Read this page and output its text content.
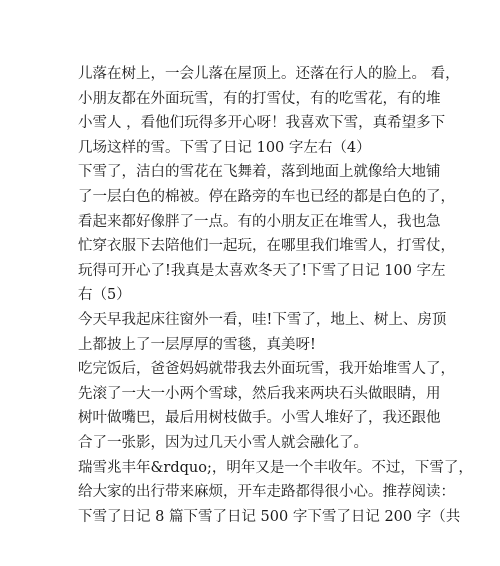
儿落在树上，一会儿落在屋顶上。还落在行人的脸上。 看，
小朋友都在外面玩雪，有的打雪仗，有的吃雪花，有的堆
小雪人 ，看他们玩得多开心呀！我喜欢下雪，真希望多下
几场这样的雪。下雪了日记 100 字左右（4）
下雪了，洁白的雪花在飞舞着，落到地面上就像给大地铺
了一层白色的棉被。停在路旁的车也已经的都是白色的了，
看起来都好像胖了一点。有的小朋友正在堆雪人，我也急
忙穿衣服下去陪他们一起玩，在哪里我们堆雪人，打雪仗，
玩得可开心了!我真是太喜欢冬天了!下雪了日记 100 字左
右（5）
今天早我起床往窗外一看，哇!下雪了，地上、树上、房顶
上都披上了一层厚厚的雪毯，真美呀!
吃完饭后，爸爸妈妈就带我去外面玩雪，我开始堆雪人了，
先滚了一大一小两个雪球，然后我来两块石头做眼睛，用
树叶做嘴巴，最后用树枝做手。小雪人堆好了，我还跟他
合了一张影，因为过几天小雪人就会融化了。
瑞雪兆丰年&rdquo;，明年又是一个丰收年。不过，下雪了，
给大家的出行带来麻烦，开车走路都得很小心。推荐阅读：
下雪了日记 8 篇下雪了日记 500 字下雪了日记 200 字（共
